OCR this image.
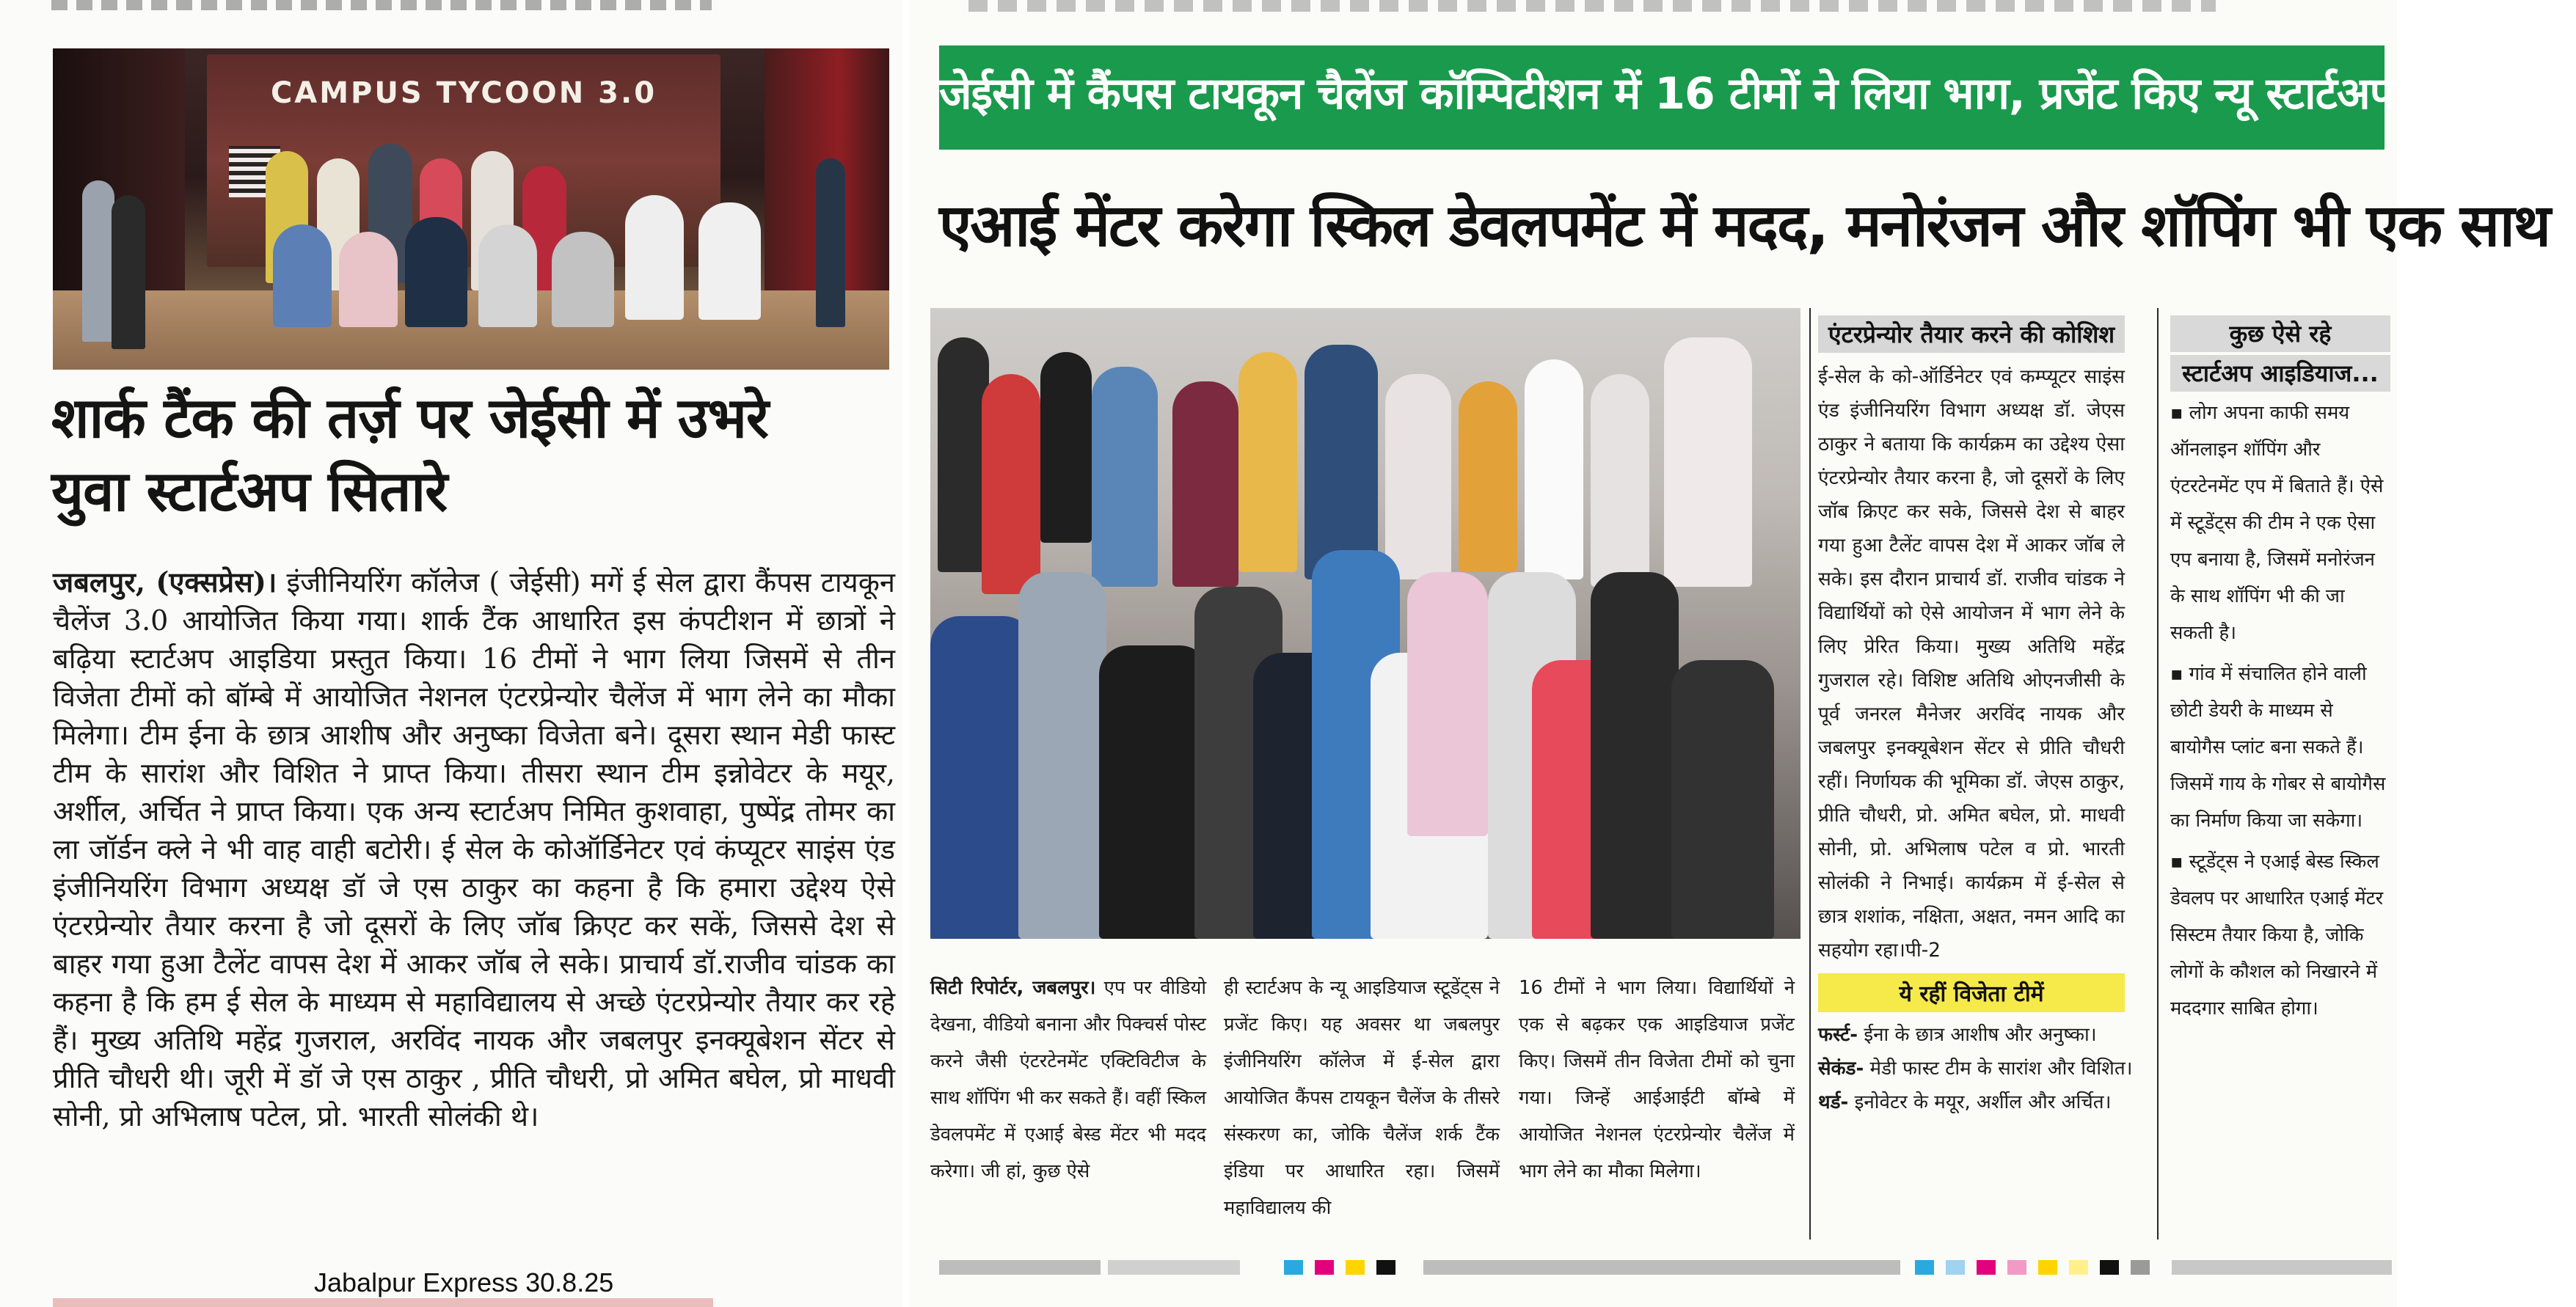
CAMPUS TYCOON 3.0
शार्क टैंक की तर्ज़ पर जेईसी में उभरे
युवा स्टार्टअप सितारे
जबलपुर, (एक्सप्रेस)। इंजीनियरिंग कॉलेज ( जेईसी) मगें ई सेल द्वारा कैंपस टायकून चैलेंज 3.0 आयोजित किया गया। शार्क टैंक आधारित इस कंपटीशन में छात्रों ने बढ़िया स्टार्टअप आइडिया प्रस्तुत किया। 16 टीमों ने भाग लिया जिसमें से तीन विजेता टीमों को बॉम्बे में आयोजित नेशनल एंटरप्रेन्योर चैलेंज में भाग लेने का मौका मिलेगा। टीम ईना के छात्र आशीष और अनुष्का विजेता बने। दूसरा स्थान मेडी फास्ट टीम के सारांश और विशित ने प्राप्त किया। तीसरा स्थान टीम इन्नोवेटर के मयूर, अर्शील, अर्चित ने प्राप्त किया। एक अन्य स्टार्टअप निमित कुशवाहा, पुष्पेंद्र तोमर का ला जॉर्डन क्ले ने भी वाह वाही बटोरी। ई सेल के कोऑर्डिनेटर एवं कंप्यूटर साइंस एंड इंजीनियरिंग विभाग अध्यक्ष डॉ जे एस ठाकुर का कहना है कि हमारा उद्देश्य ऐसे एंटरप्रेन्योर तैयार करना है जो दूसरों के लिए जॉब क्रिएट कर सकें, जिससे देश से बाहर गया हुआ टैलेंट वापस देश में आकर जॉब ले सके। प्राचार्य डॉ.राजीव चांडक का कहना है कि हम ई सेल के माध्यम से महाविद्यालय से अच्छे एंटरप्रेन्योर तैयार कर रहे हैं। मुख्य अतिथि महेंद्र गुजराल, अरविंद नायक और जबलपुर इनक्यूबेशन सेंटर से प्रीति चौधरी थी। जूरी में डॉ जे एस ठाकुर , प्रीति चौधरी, प्रो अमित बघेल, प्रो माधवी सोनी, प्रो अभिलाष पटेल, प्रो. भारती सोलंकी थे।
Jabalpur Express 30.8.25
जेईसी में कैंपस टायकून चैलेंज कॉम्पिटीशन में 16 टीमों ने लिया भाग, प्रजेंट किए न्यू स्टार्टअप आइडियाज
एआई मेंटर करेगा स्किल डेवलपमेंट में मदद, मनोरंजन और शॉपिंग भी एक साथ
एंटरप्रेन्योर तैयार करने की कोशिश
ई-सेल के को-ऑर्डिनेटर एवं कम्प्यूटर साइंस एंड इंजीनियरिंग विभाग अध्यक्ष डॉ. जेएस ठाकुर ने बताया कि कार्यक्रम का उद्देश्य ऐसा एंटरप्रेन्योर तैयार करना है, जो दूसरों के लिए जॉब क्रिएट कर सके, जिससे देश से बाहर गया हुआ टैलेंट वापस देश में आकर जॉब ले सके। इस दौरान प्राचार्य डॉ. राजीव चांडक ने विद्यार्थियों को ऐसे आयोजन में भाग लेने के लिए प्रेरित किया। मुख्य अतिथि महेंद्र गुजराल रहे। विशिष्ट अतिथि ओएनजीसी के पूर्व जनरल मैनेजर अरविंद नायक और जबलपुर इनक्यूबेशन सेंटर से प्रीति चौधरी रहीं। निर्णायक की भूमिका डॉ. जेएस ठाकुर, प्रीति चौधरी, प्रो. अमित बघेल, प्रो. माधवी सोनी, प्रो. अभिलाष पटेल व प्रो. भारती सोलंकी ने निभाई। कार्यक्रम में ई-सेल से छात्र शशांक, नक्षिता, अक्षत, नमन आदि का सहयोग रहा।पी-2
ये रहीं विजेता टीमें
फर्स्ट- ईना के छात्र आशीष और अनुष्का।
सेकंड- मेडी फास्ट टीम के सारांश और विशित।
थर्ड- इनोवेटर के मयूर, अर्शील और अर्चित।
कुछ ऐसे रहे
स्टार्टअप आइडियाज...
▪ लोग अपना काफी समय ऑनलाइन शॉपिंग और एंटरटेनमेंट एप में बिताते हैं। ऐसे में स्टूडेंट्स की टीम ने एक ऐसा एप बनाया है, जिसमें मनोरंजन के साथ शॉपिंग भी की जा सकती है।
▪ गांव में संचालित होने वाली छोटी डेयरी के माध्यम से बायोगैस प्लांट बना सकते हैं। जिसमें गाय के गोबर से बायोगैस का निर्माण किया जा सकेगा।
▪ स्टूडेंट्स ने एआई बेस्ड स्किल डेवलप पर आधारित एआई मेंटर सिस्टम तैयार किया है, जोकि लोगों के कौशल को निखारने में मददगार साबित होगा।
सिटी रिपोर्टर, जबलपुर। एप पर वीडियो देखना, वीडियो बनाना और पिक्चर्स पोस्ट करने जैसी एंटरटेनमेंट एक्टिविटीज के साथ शॉपिंग भी कर सकते हैं। वहीं स्किल डेवलपमेंट में एआई बेस्ड मेंटर भी मदद करेगा। जी हां, कुछ ऐसे
ही स्टार्टअप के न्यू आइडियाज स्टूडेंट्स ने प्रजेंट किए। यह अवसर था जबलपुर इंजीनियरिंग कॉलेज में ई-सेल द्वारा आयोजित कैंपस टायकून चैलेंज के तीसरे संस्करण का, जोकि चैलेंज शर्क टैंक इंडिया पर आधारित रहा। जिसमें महाविद्यालय की
16 टीमों ने भाग लिया। विद्यार्थियों ने एक से बढ़कर एक आइडियाज प्रजेंट किए। जिसमें तीन विजेता टीमों को चुना गया। जिन्हें आईआईटी बॉम्बे में आयोजित नेशनल एंटरप्रेन्योर चैलेंज में भाग लेने का मौका मिलेगा।
